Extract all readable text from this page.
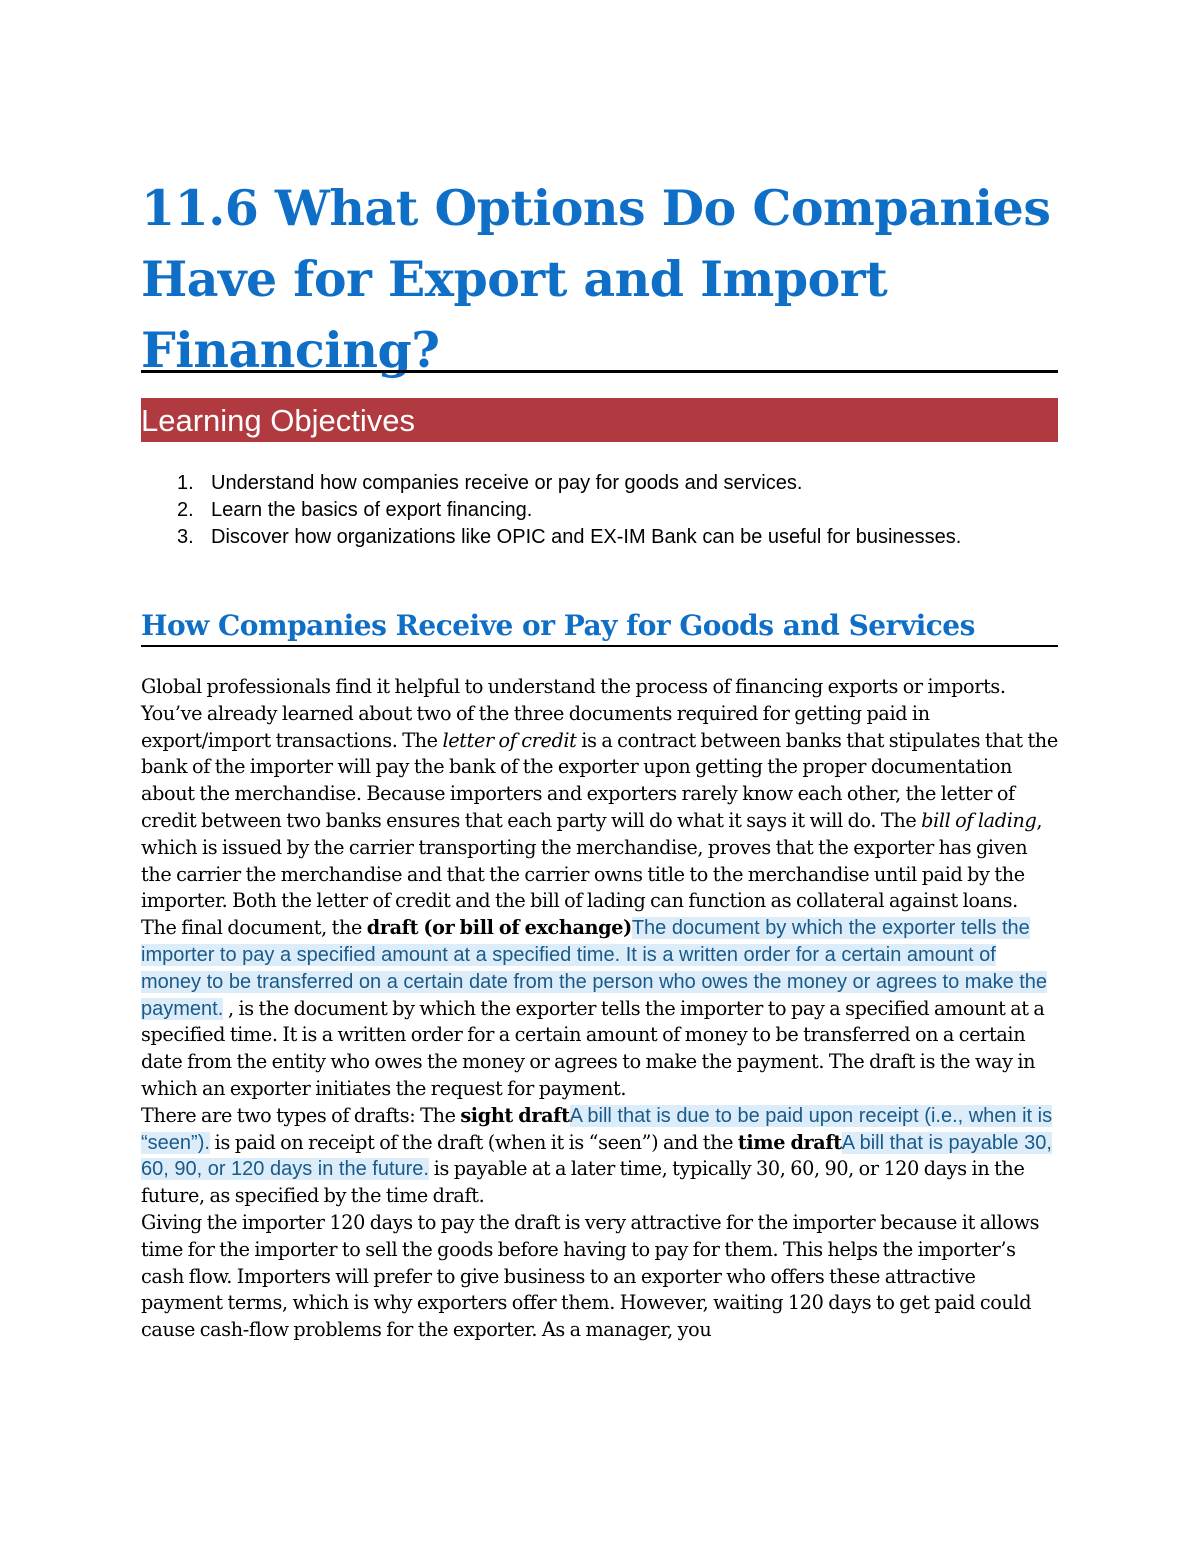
11.6 What Options Do Companies Have for Export and Import Financing?
Learning Objectives
1. Understand how companies receive or pay for goods and services.
2. Learn the basics of export financing.
3. Discover how organizations like OPIC and EX-IM Bank can be useful for businesses.
How Companies Receive or Pay for Goods and Services

Global professionals find it helpful to understand the process of financing exports or imports. You’ve already learned about two of the three documents required for getting paid in export/import transactions. The letter of credit is a contract between banks that stipulates that the bank of the importer will pay the bank of the exporter upon getting the proper documentation about the merchandise. Because importers and exporters rarely know each other, the letter of credit between two banks ensures that each party will do what it says it will do. The bill of lading, which is issued by the carrier transporting the merchandise, proves that the exporter has given the carrier the merchandise and that the carrier owns title to the merchandise until paid by the importer. Both the letter of credit and the bill of lading can function as collateral against loans. The final document, the draft (or bill of exchange)The document by which the exporter tells the importer to pay a specified amount at a specified time. It is a written order for a certain amount of money to be transferred on a certain date from the person who owes the money or agrees to make the payment. , is the document by which the exporter tells the importer to pay a specified amount at a specified time. It is a written order for a certain amount of money to be transferred on a certain date from the entity who owes the money or agrees to make the payment. The draft is the way in which an exporter initiates the request for payment.

There are two types of drafts: The sight draftA bill that is due to be paid upon receipt (i.e., when it is “seen”). is paid on receipt of the draft (when it is “seen”) and the time draftA bill that is payable 30, 60, 90, or 120 days in the future. is payable at a later time, typically 30, 60, 90, or 120 days in the future, as specified by the time draft.

Giving the importer 120 days to pay the draft is very attractive for the importer because it allows time for the importer to sell the goods before having to pay for them. This helps the importer’s cash flow. Importers will prefer to give business to an exporter who offers these attractive payment terms, which is why exporters offer them. However, waiting 120 days to get paid could cause cash-flow problems for the exporter. As a manager, you
